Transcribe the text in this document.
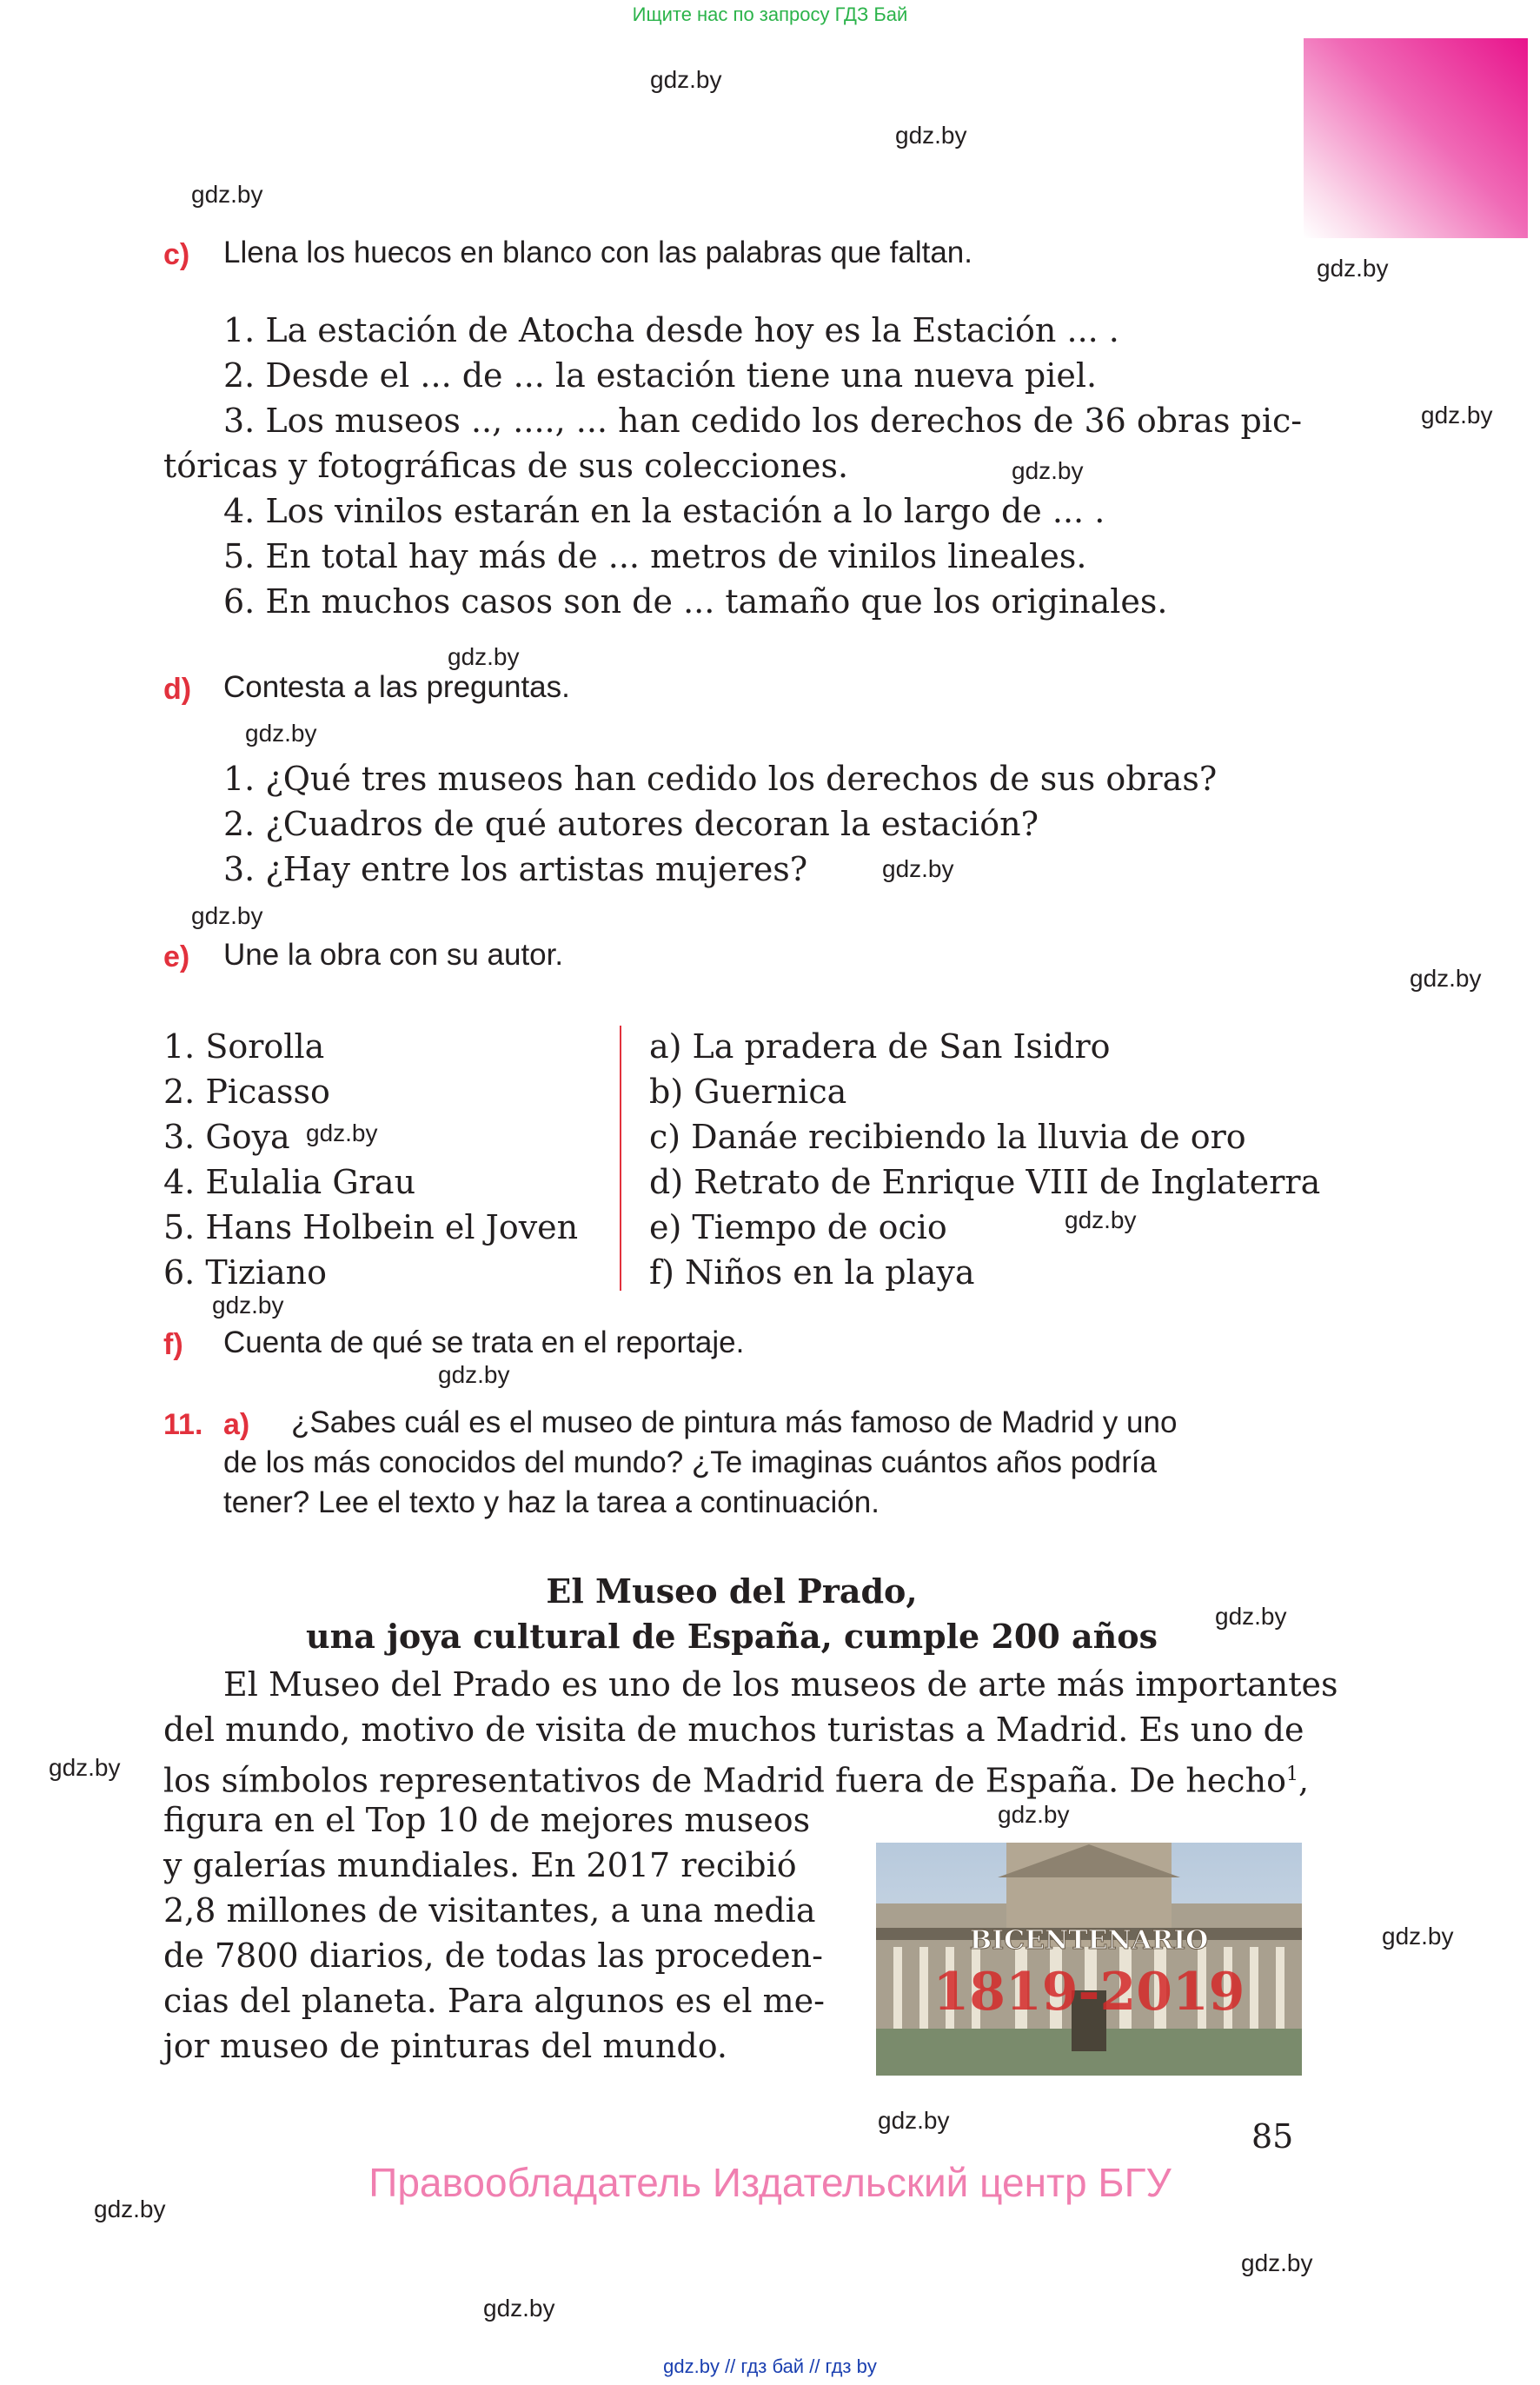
Ищите нас по запросу ГДЗ Бай
gdz.by
gdz.by
gdz.by
gdz.by
gdz.by
gdz.by
gdz.by
gdz.by
gdz.by
gdz.by
gdz.by
gdz.by
gdz.by
gdz.by
gdz.by
gdz.by
gdz.by
gdz.by
gdz.by
gdz.by
gdz.by
gdz.by
gdz.by
c) Llena los huecos en blanco con las palabras que faltan.
1. La estación de Atocha desde hoy es la Estación ... .
2. Desde el ... de ... la estación tiene una nueva piel.
3. Los museos .., ...., ... han cedido los derechos de 36 obras pic-
tóricas y fotográficas de sus colecciones.
4. Los vinilos estarán en la estación a lo largo de ... .
5. En total hay más de ... metros de vinilos lineales.
6. En muchos casos son de ... tamaño que los originales.
d) Contesta a las preguntas.
1. ¿Qué tres museos han cedido los derechos de sus obras?
2. ¿Cuadros de qué autores decoran la estación?
3. ¿Hay entre los artistas mujeres?
e) Une la obra con su autor.
1. Sorolla
2. Picasso
3. Goya
4. Eulalia Grau
5. Hans Holbein el Joven
6. Tiziano
a) La pradera de San Isidro
b) Guernica
c) Danáe recibiendo la lluvia de oro
d) Retrato de Enrique VIII de Inglaterra
e) Tiempo de ocio
f) Niños en la playa
f) Cuenta de qué se trata en el reportaje.
11. a) ¿Sabes cuál es el museo de pintura más famoso de Madrid y uno
de los más conocidos del mundo? ¿Te imaginas cuántos años podría
tener? Lee el texto y haz la tarea a continuación.
El Museo del Prado,
una joya cultural de España, cumple 200 años
El Museo del Prado es uno de los museos de arte más importantes
del mundo, motivo de visita de muchos turistas a Madrid. Es uno de
los símbolos representativos de Madrid fuera de España. De hecho$^1$,
figura en el Top 10 de mejores museos
y galerías mundiales. En 2017 recibió
2,8 millones de visitantes, a una media
de 7800 diarios, de todas las proceden-
cias del planeta. Para algunos es el me-
jor museo de pinturas del mundo.
BICENTENARIO
1819-2019
85
Правообладатель Издательский центр БГУ
gdz.by // гдз бай // гдз by
